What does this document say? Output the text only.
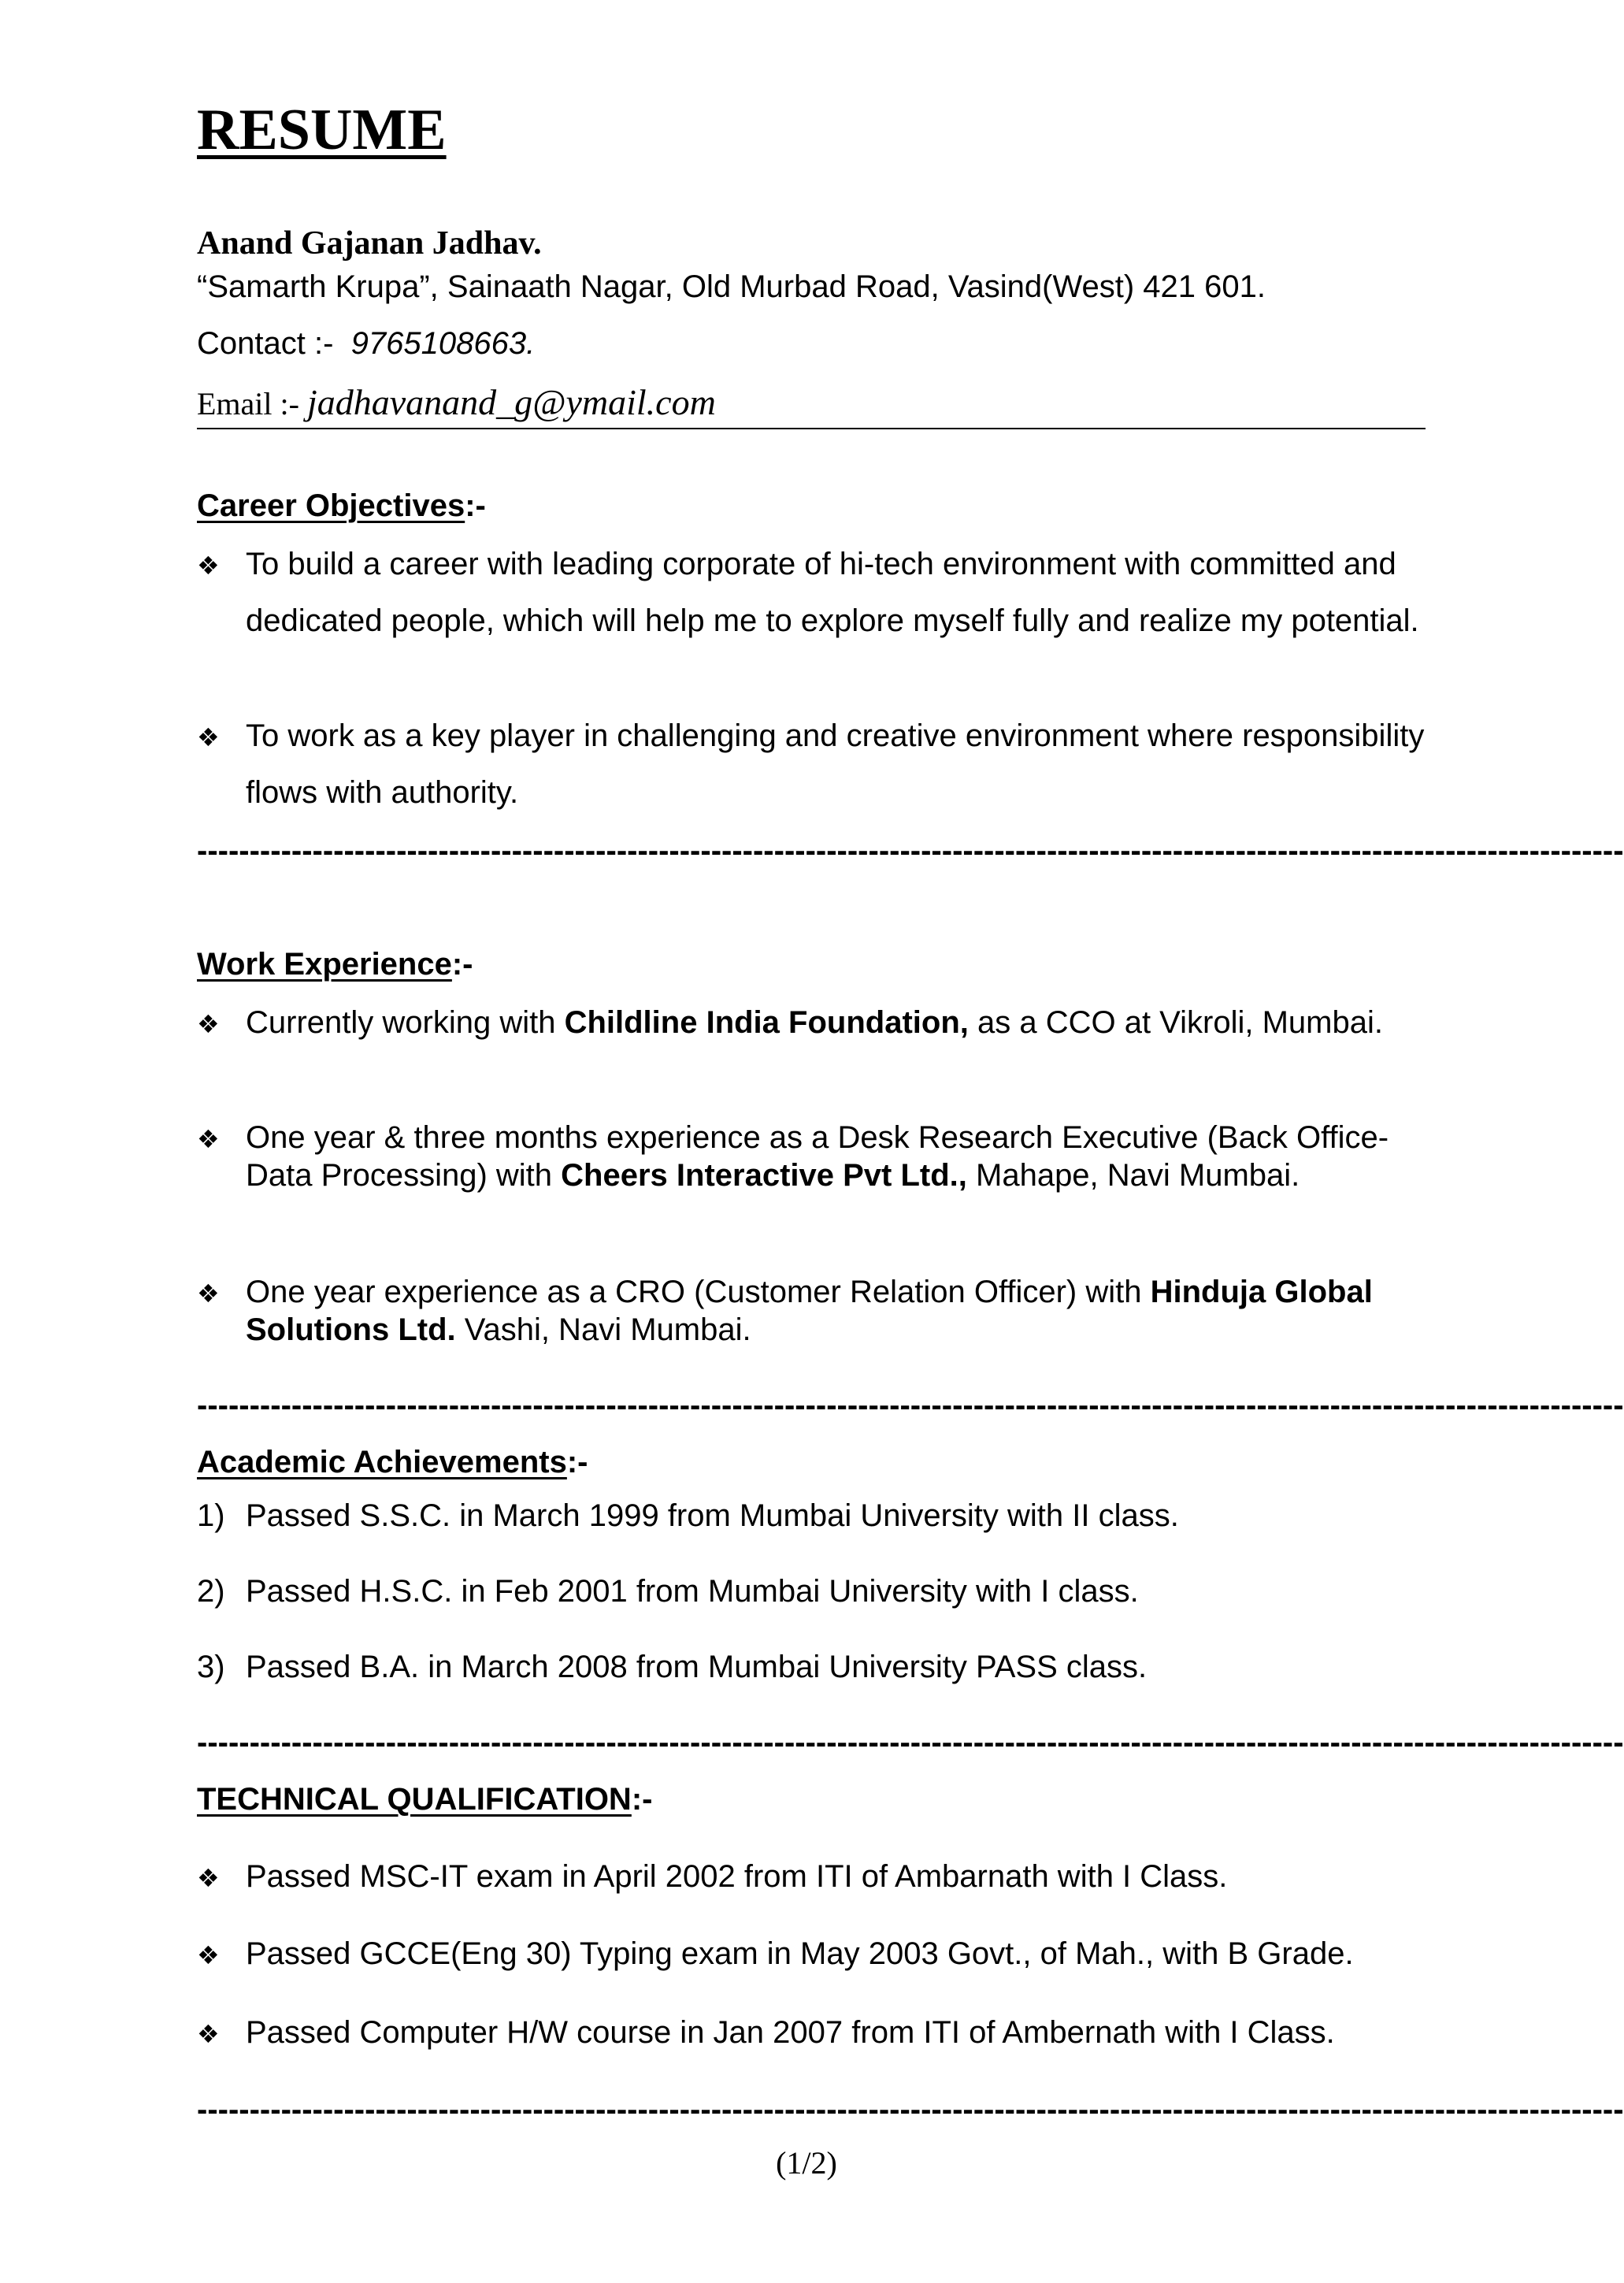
RESUME
Anand Gajanan Jadhav.
“Samarth Krupa”, Sainaath Nagar, Old Murbad Road, Vasind(West) 421 601.
Contact :- 9765108663.
Email :- jadhavanand_g@ymail.com
Career Objectives:-
❖ To build a career with leading corporate of hi-tech environment with committed and dedicated people, which will help me to explore myself fully and realize my potential.
❖ To work as a key player in challenging and creative environment where responsibility flows with authority.
----------------------------------------------------------------------------------------------------------------------------------------
Work Experience:-
❖ Currently working with Childline India Foundation, as a CCO at Vikroli, Mumbai.
❖ One year & three months experience as a Desk Research Executive (Back Office-Data Processing) with Cheers Interactive Pvt Ltd., Mahape, Navi Mumbai.
❖ One year experience as a CRO (Customer Relation Officer) with Hinduja Global Solutions Ltd. Vashi, Navi Mumbai.
----------------------------------------------------------------------------------------------------------------------------------------
Academic Achievements:-
1) Passed S.S.C. in March 1999 from Mumbai University with II class.
2) Passed H.S.C. in Feb 2001 from Mumbai University with I class.
3) Passed B.A. in March 2008 from Mumbai University PASS class.
----------------------------------------------------------------------------------------------------------------------------------------
TECHNICAL QUALIFICATION:-
❖ Passed MSC-IT exam in April 2002 from ITI of Ambarnath with I Class.
❖ Passed GCCE(Eng 30) Typing exam in May 2003 Govt., of Mah., with B Grade.
❖ Passed Computer H/W course in Jan 2007 from ITI of Ambernath with I Class.
----------------------------------------------------------------------------------------------------------------------------------------
(1/2)
